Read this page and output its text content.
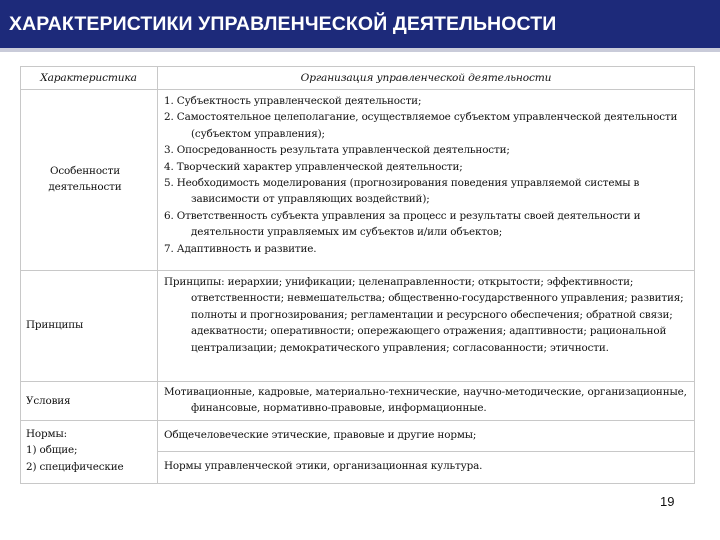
ХАРАКТЕРИСТИКИ УПРАВЛЕНЧЕСКОЙ ДЕЯТЕЛЬНОСТИ
Характеристика	Организация управленческой деятельности
Особенности деятельности
1. Субъектность управленческой деятельности;
2. Самостоятельное целеполагание, осуществляемое субъектом управленческой деятельности (субъектом управления);
3. Опосредованность результата управленческой деятельности;
4. Творческий характер управленческой деятельности;
5. Необходимость моделирования (прогнозирования поведения управляемой системы в зависимости от управляющих воздействий);
6. Ответственность субъекта управления за процесс и результаты своей деятельности и деятельности управляемых им субъектов и/или объектов;
7. Адаптивность и развитие.
Принципы
Принципы: иерархии; унификации; целенаправленности; открытости; эффективности; ответственности; невмешательства; общественно-государственного управления; развития; полноты и прогнозирования; регламентации и ресурсного обеспечения; обратной связи; адекватности; оперативности; опережающего отражения; адаптивности; рациональной централизации; демократического управления; согласованности; этичности.
Условия
Мотивационные, кадровые, материально-технические, научно-методические, организационные, финансовые, нормативно-правовые, информационные.
Нормы:
1) общие;
2) специфические
Общечеловеческие этические, правовые и другие нормы;
Нормы управленческой этики, организационная культура.
19
